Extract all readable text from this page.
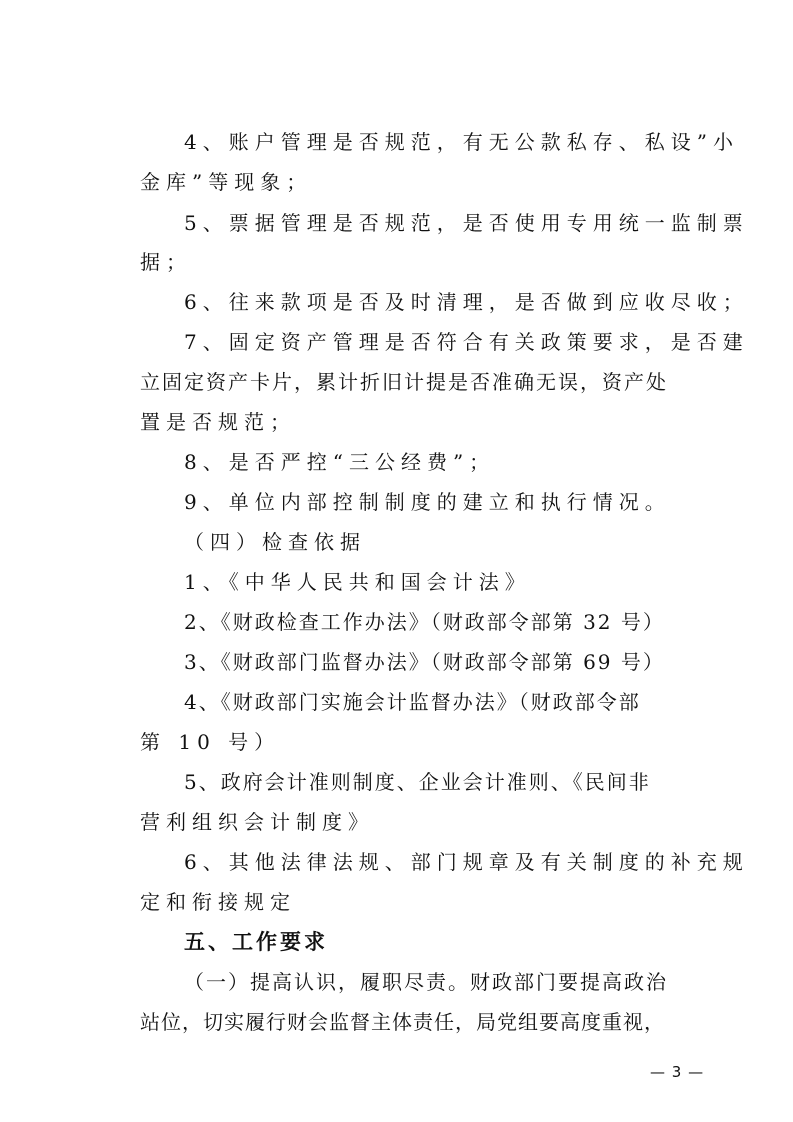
4、账户管理是否规范，有无公款私存、私设”小
金库”等现象；
5、票据管理是否规范，是否使用专用统一监制票
据；
6、往来款项是否及时清理，是否做到应收尽收；
7、固定资产管理是否符合有关政策要求，是否建
立固定资产卡片，累计折旧计提是否准确无误，资产处
置是否规范；
8、是否严控“三公经费”；
9、单位内部控制制度的建立和执行情况。
（四）检查依据
1、《中华人民共和国会计法》
2、《财政检查工作办法》（财政部令部第 32 号）
3、《财政部门监督办法》（财政部令部第 69 号）
4、《财政部门实施会计监督办法》（财政部令部
第 10 号）
5、政府会计准则制度、企业会计准则、《民间非
营利组织会计制度》
6、其他法律法规、部门规章及有关制度的补充规
定和衔接规定
五、工作要求
（一）提高认识，履职尽责。财政部门要提高政治
站位，切实履行财会监督主体责任，局党组要高度重视，
— 3 —
